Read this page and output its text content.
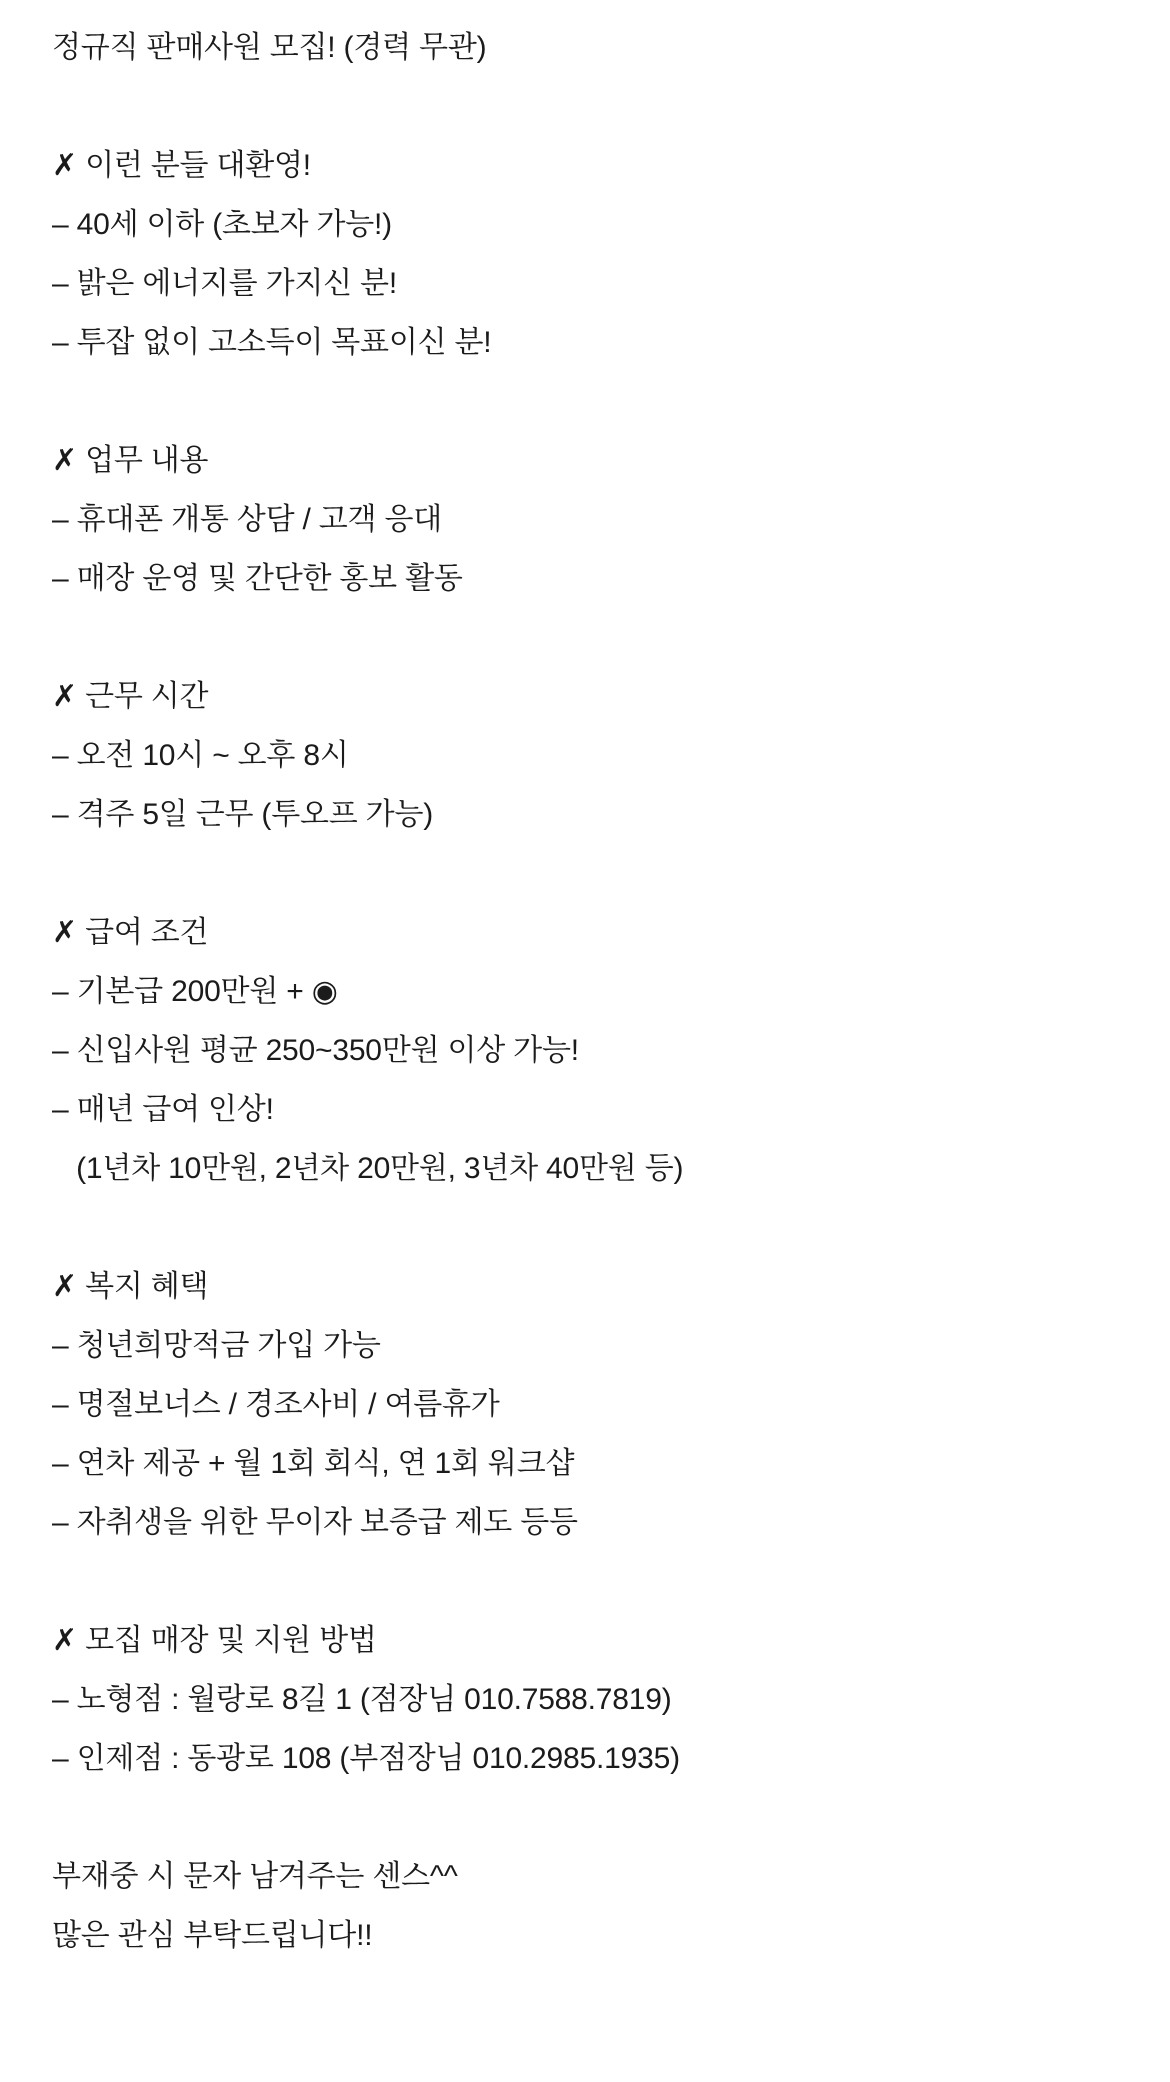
정규직 판매사원 모집! (경력 무관)
✗ 이런 분들 대환영!
– 40세 이하 (초보자 가능!)
– 밝은 에너지를 가지신 분!
– 투잡 없이 고소득이 목표이신 분!
✗ 업무 내용
– 휴대폰 개통 상담 / 고객 응대
– 매장 운영 및 간단한 홍보 활동
✗ 근무 시간
– 오전 10시 ~ 오후 8시
– 격주 5일 근무 (투오프 가능)
✗ 급여 조건
– 기본급 200만원 + ◉
– 신입사원 평균 250~350만원 이상 가능!
– 매년 급여 인상!
(1년차 10만원, 2년차 20만원, 3년차 40만원 등)
✗ 복지 혜택
– 청년희망적금 가입 가능
– 명절보너스 / 경조사비 / 여름휴가
– 연차 제공 + 월 1회 회식, 연 1회 워크샵
– 자취생을 위한 무이자 보증급 제도 등등
✗ 모집 매장 및 지원 방법
– 노형점 : 월랑로 8길 1 (점장님 010.7588.7819)
– 인제점 : 동광로 108 (부점장님 010.2985.1935)
부재중 시 문자 남겨주는 센스^^
많은 관심 부탁드립니다!!
